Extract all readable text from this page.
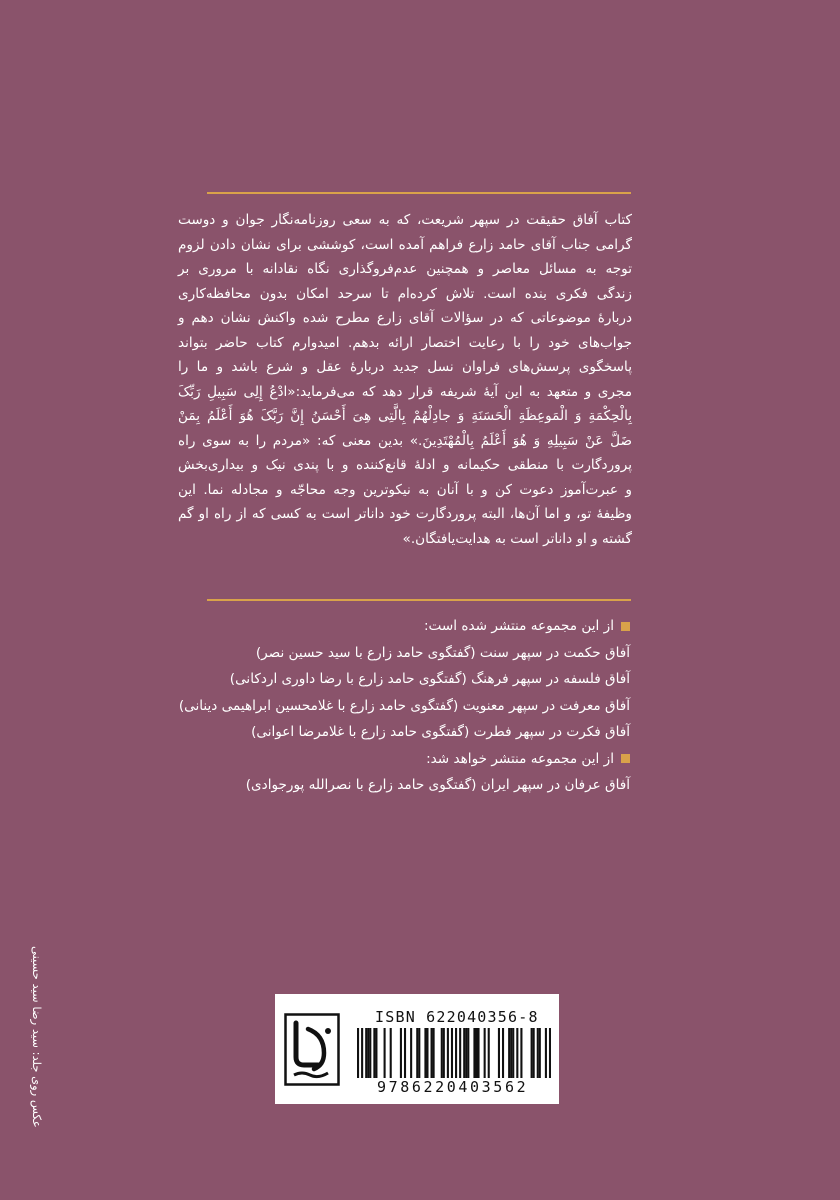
کتاب آفاق حقیقت در سپهر شریعت، که به سعی روزنامه‌نگار جوان و دوست
گرامی جناب آقای حامد زارع فراهم آمده است، کوششی برای نشان دادن لزوم
توجه به مسائل معاصر و همچنین عدم‌فروگذاری نگاه نقادانه با مروری بر
زندگی فکری بنده است. تلاش کرده‌ام تا سرحد امکان بدون محافظه‌کاری
دربارهٔ موضوعاتی که در سؤالات آقای زارع مطرح شده واکنش نشان دهم و
جواب‌های خود را با رعایت اختصار ارائه بدهم. امیدوارم کتاب حاضر بتواند
پاسخگوی پرسش‌های فراوان نسل جدید دربارهٔ عقل و شرع باشد و ما را
مجری و متعهد به این آیهٔ شریفه قرار دهد که می‌فرماید:«ادْعُ إِلِی سَبِیلِ رَبِّکَ
بِالْحِکْمَةِ وَ الْمَوعِظَةِ الْحَسَنَةِ وَ جادِلْهُمْ بِالَّتِی هِیَ أَحْسَنُ إِنَّ رَبَّکَ هُوَ أَعْلَمُ بِمَنْ
ضَلَّ عَنْ سَبِیلِهِ وَ هُوَ أَعْلَمُ بِالْمُهْتَدِینَ.» بدین معنی که: «مردم را به سوی راه
پروردگارت با منطقی حکیمانه و ادلهٔ قانع‌کننده و با پندی نیک و بیداری‌بخش
و عبرت‌آموز دعوت کن و با آنان به نیکوترین وجه محاجّه و مجادله نما. این
وظیفهٔ تو، و اما آن‌ها، البته پروردگارت خود داناتر است به کسی که از راه او گم
گشته و او داناتر است به هدایت‌یافتگان.»
از این مجموعه منتشر شده است:
آفاق حکمت در سپهر سنت (گفتگوی حامد زارع با سید حسین نصر)
آفاق فلسفه در سپهر فرهنگ (گفتگوی حامد زارع با رضا داوری اردکانی)
آفاق معرفت در سپهر معنویت (گفتگوی حامد زارع با غلامحسین ابراهیمی دینانی)
آفاق فکرت در سپهر فطرت (گفتگوی حامد زارع با غلامرضا اعوانی)
از این مجموعه منتشر خواهد شد:
آفاق عرفان در سپهر ایران (گفتگوی حامد زارع با نصرالله پورجوادی)
عکس روی جلد: سید رضا سید حسینی	ISBN 622040356-8
9786220403562
